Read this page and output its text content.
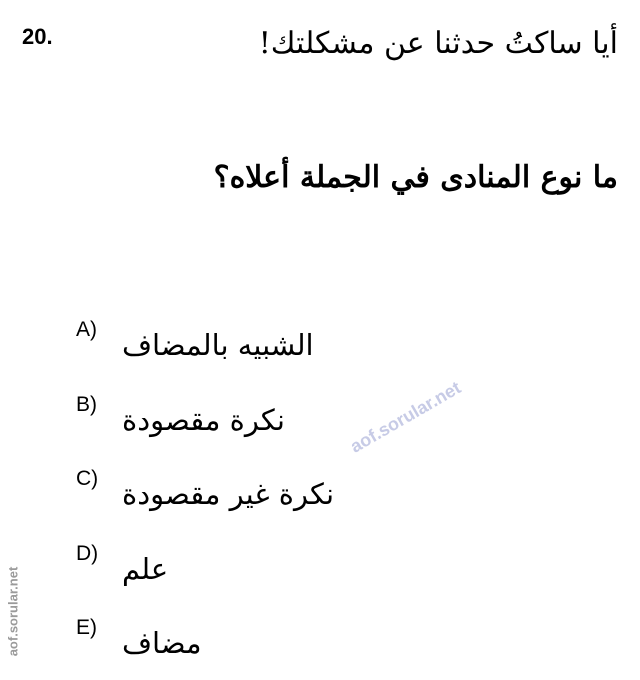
20.	أيا ساكتُ حدثنا عن مشكلتك!
ما نوع المنادى في الجملة أعلاه؟
A) الشبيه بالمضاف
B) نكرة مقصودة
C) نكرة غير مقصودة
D) علم
E) مضاف
aof.sorular.net
aof.sorular.net
